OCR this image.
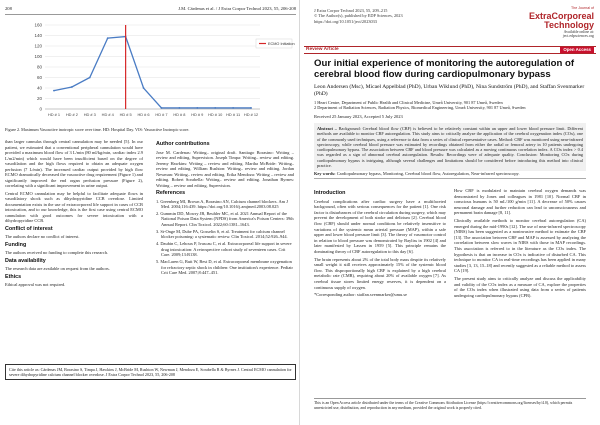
208	J.M. Cárdenas et al. / J Extra Corpor Technol 2023, 55, 206-208
0
20
40
60
80
100
120
140
160
HD # 1 HD # 2 HD # 3 HD # 4 HD # 5 HD # 6 HD # 7 HD # 8 HD # 9 HD # 10 HD # 11 HD # 12
ECMO Initiation
Figure 2. Maximum Vasoactive inotropic score over time. HD: Hospital Day. VIS: Vasoactive Inotropic score.

than larger cannulas through central cannulation may be needed [5]. In our patient, we estimated that a conventional peripheral cannulation would have provided a maximum blood flow of 3 L/min (80 ml/kg/min, cardiac index 2.9 L/m2/min) which would have been insufficient based on the degree of vasodilation and the high flows required to obtain an adequate oxygen perfusion (7 L/min). The increased cardiac output provided by high flow ECMO dramatically decreased the vasoactive drug requirement (Figure 1) and significantly improved the end organ perfusion pressure (Figure 2), correlating with a significant improvement in urine output.

Central ECMO cannulation may be helpful to facilitate adequate flows in vasodilatory shock such as dihydropyridine CCB overdose. Limited documentation exists in the use of extracorporeal life support in cases of CCB intoxication, and to our knowledge, this is the first case using central ECMO cannulation with good outcomes for severe intoxication with a dihydropyridine CCB.

Conflict of interest

The authors declare no conflict of interest.

Funding

The authors received no funding to complete this research.

Data availability

The research data are available on request from the authors.

Ethics

Ethical approval was not required.

Author contributions

Jose M. Cardenas: Writing– original draft. Santiago Borasino: Writing – review and editing, Supervision. Joseph Timpa: Writing– review and editing. Jeremy Hawkins: Writing – review and editing. Martha McBride: Writing– review and editing. William Rushton: Writing– review and editing. Jordan Newman: Writing– review and editing. Erika Mendoza: Writing – review and editing. Robert Sorabella: Writing– review and editing. Jonathan Byrnes: Writing – review and editing, Supervision.

References
1. Greenberg MI, Brown A, Borasino AN, Calcium channel blockers. Am J Med. 2004;116:439. https://doi.org/10.1016/j.amjmed.2003.08.025
2. Gummin DD, Mowry JB, Beuhler MC, et al. 2021 Annual Report of the National Poison Data System (NPDS) from America's Poison Centers: 39th Annual Report. Clin Toxicol. 2022;60:1381–1643.
3. St-Onge M, Dube PA, Gosselin S, et al. Treatment for calcium channel blocker poisoning: a systematic review. Clin Toxicol. 2014;52:926–944.
4. Daubin C, Lehoux P, Ivascau C, et al. Extracorporeal life support in severe drug intoxication: A retrospective cohort study of seventeen cases. Crit Care. 2009;13:R138.
5. MacLaren G, Butt W, Best D, et al. Extracorporeal membrane oxygenation for refractory septic shock in children: One institution's experience. Pediatr Crit Care Med. 2007;8:447–451.
Cite this article as: Cárdenas JM, Borasino S, Timpa J, Hawkins J, McBride M, Rushton W, Newman J, Mendoza E, Sorabella R & Byrnes J. Central ECMO cannulation for severe dihydropyridine calcium channel blocker overdose. J Extra Corpor Technol 2023, 55, 206-208
J Extra Corpor Technol 2023, 55, 209–215
© The Author(s), published by EDP Sciences, 2023
https://doi.org/10.1051/ject/2023033
The Journal of
ExtraCorporeal
Technology
Available online at:
ject.edpsciences.org
Review Article	Open Access
Our initial experience of monitoring the autoregulation of cerebral blood flow during cardiopulmonary bypass
Leon Andersen (Msc), Micael Appelblad (PhD), Urban Wiklund (PhD), Nina Sundström (PhD), and Staffan Svenmarker (PhD)
1 Heart Centre, Department of Public Health and Clinical Medicine, Umeå University, 901 87 Umeå, Sweden
2 Department of Radiation Sciences, Radiation Physics, Biomedical Engineering, Umeå University, 901 87 Umeå, Sweden
Received 25 January 2023, Accepted 5 July 2023
Abstract – Background: Cerebral blood flow (CBF) is believed to be relatively constant within an upper and lower blood pressure limit. Different methods are available to monitor CBF autoregulation. This study aims to critically analyze the application of the cerebral oxygenation index (COx), one of the commonly used techniques, using a reference to data from a series of clinical representative cases. Method: CBF was monitored using near-infrared spectroscopy, while cerebral blood pressure was estimated by recordings obtained from either the radial or femoral artery in 10 patients undergoing cardiopulmonary bypass. The association between CBF and blood pressure was calculated as a moving continuous correlation index. A COx index > 0.4 was regarded as a sign of abnormal cerebral autoregulation. Results: Recordings were of adequate quality. Conclusion: Monitoring COx during cardiopulmonary bypass is intriguing, although several challenges and limitations should be considered before introducing this method into clinical practice.
Key words: Cardiopulmonary bypass, Monitoring, Cerebral blood flow, Autoregulation, Near-infrared spectroscopy.
Introduction

Cerebral complications after cardiac surgery have a multifaceted background, often with serious consequences for the patient [1]. One risk factor is disturbances of the cerebral circulation during surgery, which may prevent the development of both stroke and delirium [2]. Cerebral blood flow (CBF) should under normal conditions be relatively insensitive to variations of the systemic mean arterial pressure (MAP), within a safe upper and lower blood pressure limit [3]. The theory of vasomotor control in relation to blood pressure was demonstrated by Bayliss in 1902 [4] and later manifested by Lassen in 1959 [5]. This principle remains the dominating theory of CBF autoregulation to this day [6].

The brain represents about 2% of the total body mass despite its relatively small weight it still receives approximately 15% of the systemic blood flow. This disproportionally high CBF is explained by a high cerebral metabolic rate (CMR), requiring about 20% of available oxygen [7]. As cerebral tissue stores limited energy reserves, it is dependent on a continuous supply of oxygen.

*Corresponding author: staffan.svenmarker@umu.se

How CBF is modulated to maintain cerebral oxygen demands was demonstrated by Jones and colleagues in 1981 [10]. Normal CBF in conscious humans is 50 mL/100 g/min [11]. A decrease of 50% causes neuronal damage and further reduction can lead to unconsciousness and permanent brain damage [8, 11].

Clinically available methods to monitor cerebral autoregulation (CA) emerged during the mid-1990s [12]. The use of near-infrared spectroscopy (NIRS) has been suggested as a noninvasive method to estimate the CBF [13]. The association between CBF and MAP is assessed by analyzing the correlation between slow waves in NIRS with those in MAP recordings. This association is referred to in the literature as the COx index. The hypothesis is that an increase in COx is indicative of disturbed CA. This technique to monitor CA in real-time recordings has been applied in many studies [3, 13, 15–18] and recently suggested as a reliable method to assess CA [19].

The present study aims to critically analyze and discuss the applicability and validity of the COx index as a measure of CA, explore the properties of the COx index when illustrated using data from a series of patients undergoing cardiopulmonary bypass (CPB).

This is an Open Access article distributed under the terms of the Creative Commons Attribution License (https://creativecommons.org/licenses/by/4.0), which permits unrestricted use, distribution, and reproduction in any medium, provided the original work is properly cited.
